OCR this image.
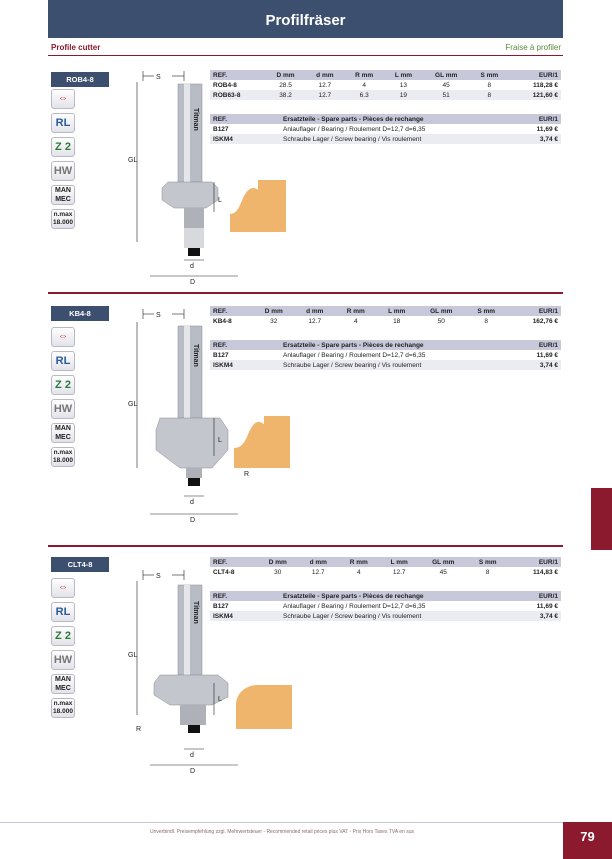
Profilfräser
Profile cutter	Fraise à profiler
ROB4-8
⇔
RL
Z 2
HW
MAN
MEC
n.max
18.000
S
Titman
GL
L
d
D
REF.	D mm	d mm	R mm	L mm	GL mm	S mm	EUR/1
ROB4-8	28.5	12.7	4	13	45	8	118,28 €
ROB63-8	38.2	12.7	6.3	19	51	8	121,60 €
REF.	Ersatzteile - Spare parts - Pièces de rechange	EUR/1
B127	Anlauflager / Bearing / Roulement D=12,7 d=6,35	11,69 €
ISKM4	Schraube Lager / Screw bearing / Vis roulement	3,74 €
KB4-8
⇔
RL
Z 2
HW
MAN
MEC
n.max
18.000
S
Titman
GL
L
R
d
D
REF.	D mm	d mm	R mm	L mm	GL mm	S mm	EUR/1
KB4-8	32	12.7	4	18	50	8	162,76 €
REF.	Ersatzteile - Spare parts - Pièces de rechange	EUR/1
B127	Anlauflager / Bearing / Roulement D=12,7 d=6,35	11,69 €
ISKM4	Schraube Lager / Screw bearing / Vis roulement	3,74 €
CLT4-8
⇔
RL
Z 2
HW
MAN
MEC
n.max
18.000
S
Titman
GL
L
R
d
D
REF.	D mm	d mm	R mm	L mm	GL mm	S mm	EUR/1
CLT4-8	30	12.7	4	12.7	45	8	114,83 €
REF.	Ersatzteile - Spare parts - Pièces de rechange	EUR/1
B127	Anlauflager / Bearing / Roulement D=12,7 d=6,35	11,69 €
ISKM4	Schraube Lager / Screw bearing / Vis roulement	3,74 €
Unverbindl. Preisempfehlung zzgl. Mehrwertsteuer - Recommended retail prices plus VAT - Prix Hors Taxes TVA en sus	79
